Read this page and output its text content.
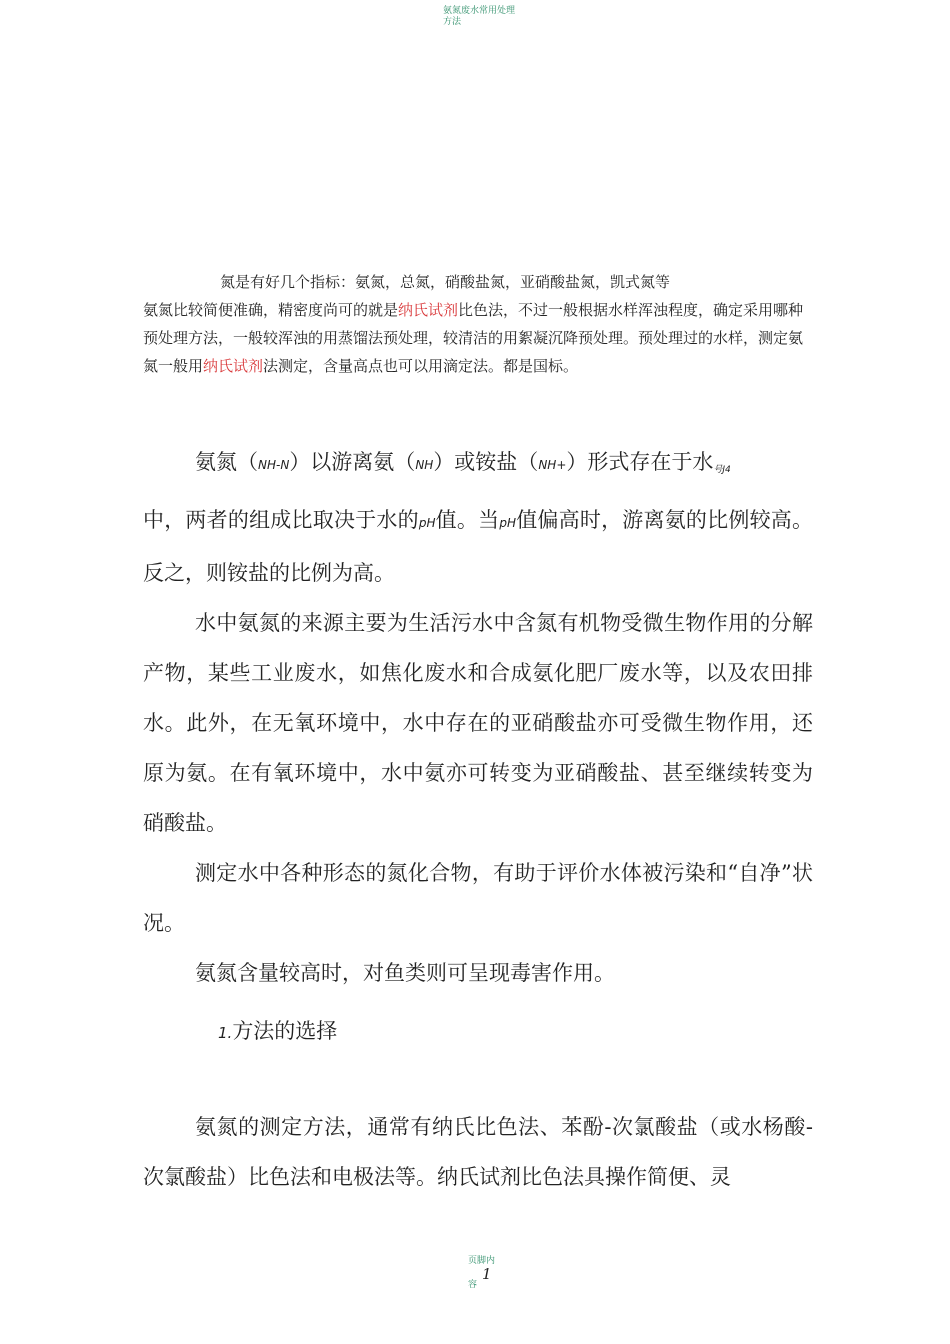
氨氮废水常用处理
方法

氮是有好几个指标：氨氮，总氮，硝酸盐氮，亚硝酸盐氮，凯式氮等

氨氮比较简便准确，精密度尚可的就是纳氏试剂比色法，不过一般根据水样浑浊程度，确定采用哪种预处理方法，一般较浑浊的用蒸馏法预处理，较清洁的用絮凝沉降预处理。预处理过的水样，测定氨氮一般用纳氏试剂法测定，含量高点也可以用滴定法。都是国标。

氨氮（NH-N）以游离氨（NH）或铵盐（NH+）形式存在于水$_{号J4}$
中，两者的组成比取决于水的pH值。当pH值偏高时，游离氨的比例较高。反之，则铵盐的比例为高。

水中氨氮的来源主要为生活污水中含氮有机物受微生物作用的分解产物，某些工业废水，如焦化废水和合成氨化肥厂废水等，以及农田排水。此外，在无氧环境中，水中存在的亚硝酸盐亦可受微生物作用，还原为氨。在有氧环境中，水中氨亦可转变为亚硝酸盐、甚至继续转变为硝酸盐。

测定水中各种形态的氮化合物，有助于评价水体被污染和“自净”状况。

氨氮含量较高时，对鱼类则可呈现毒害作用。

1.方法的选择

氨氮的测定方法，通常有纳氏比色法、苯酚-次氯酸盐（或水杨酸-次氯酸盐）比色法和电极法等。纳氏试剂比色法具操作简便、灵

页脚内
1
容
